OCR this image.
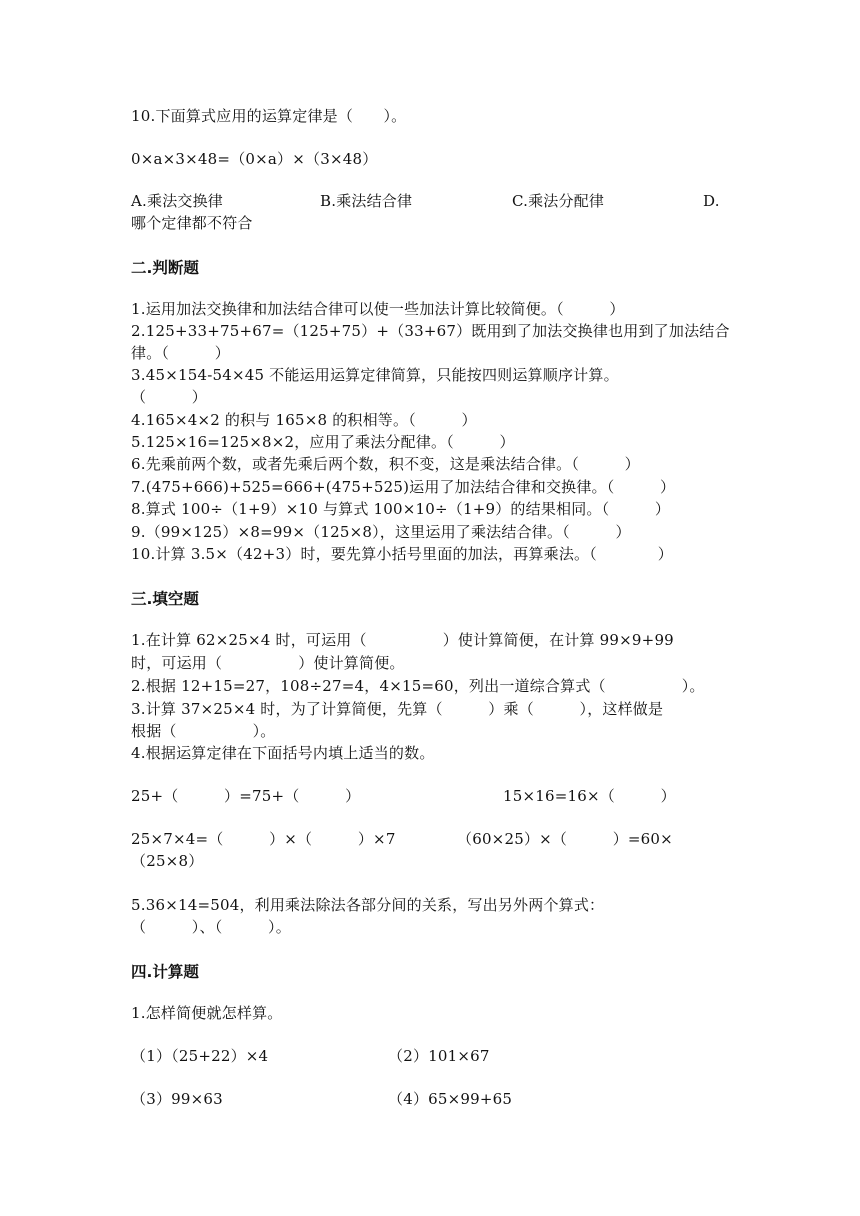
10.下面算式应用的运算定律是（　　）。
0×a×3×48=（0×a）×（3×48）
A.乘法交换律	B.乘法结合律	C.乘法分配律	D.
哪个定律都不符合
二.判断题
1.运用加法交换律和加法结合律可以使一些加法计算比较简便。（　　　）
2.125+33+75+67=（125+75）+（33+67）既用到了加法交换律也用到了加法结合
律。（　　　）
3.45×154-54×45 不能运用运算定律简算，只能按四则运算顺序计算。
（　　　）
4.165×4×2 的积与 165×8 的积相等。（　　　）
5.125×16=125×8×2，应用了乘法分配律。（　　　）
6.先乘前两个数，或者先乘后两个数，积不变，这是乘法结合律。（　　　）
7.(475+666)+525=666+(475+525)运用了加法结合律和交换律。（　　　）
8.算式 100÷（1+9）×10 与算式 100×10÷（1+9）的结果相同。（　　　）
9.（99×125）×8=99×（125×8），这里运用了乘法结合律。（　　　）
10.计算 3.5×（42+3）时，要先算小括号里面的加法，再算乘法。（　　　　）
三.填空题
1.在计算 62×25×4 时，可运用（　　　　　）使计算简便，在计算 99×9+99
时，可运用（　　　　　）使计算简便。
2.根据 12+15=27，108÷27=4，4×15=60，列出一道综合算式（　　　　　）。
3.计算 37×25×4 时，为了计算简便，先算（　　　）乘（　　　），这样做是
根据（　　　　　）。
4.根据运算定律在下面括号内填上适当的数。
25+（　　　）=75+（　　　）	15×16=16×（　　　）
25×7×4=（　　　）×（　　　）×7	（60×25）×（　　　）=60×
（25×8）
5.36×14=504，利用乘法除法各部分间的关系，写出另外两个算式：
（　　　）、（　　　）。
四.计算题
1.怎样简便就怎样算。
（1）（25+22）×4	（2）101×67
（3）99×63	（4）65×99+65
